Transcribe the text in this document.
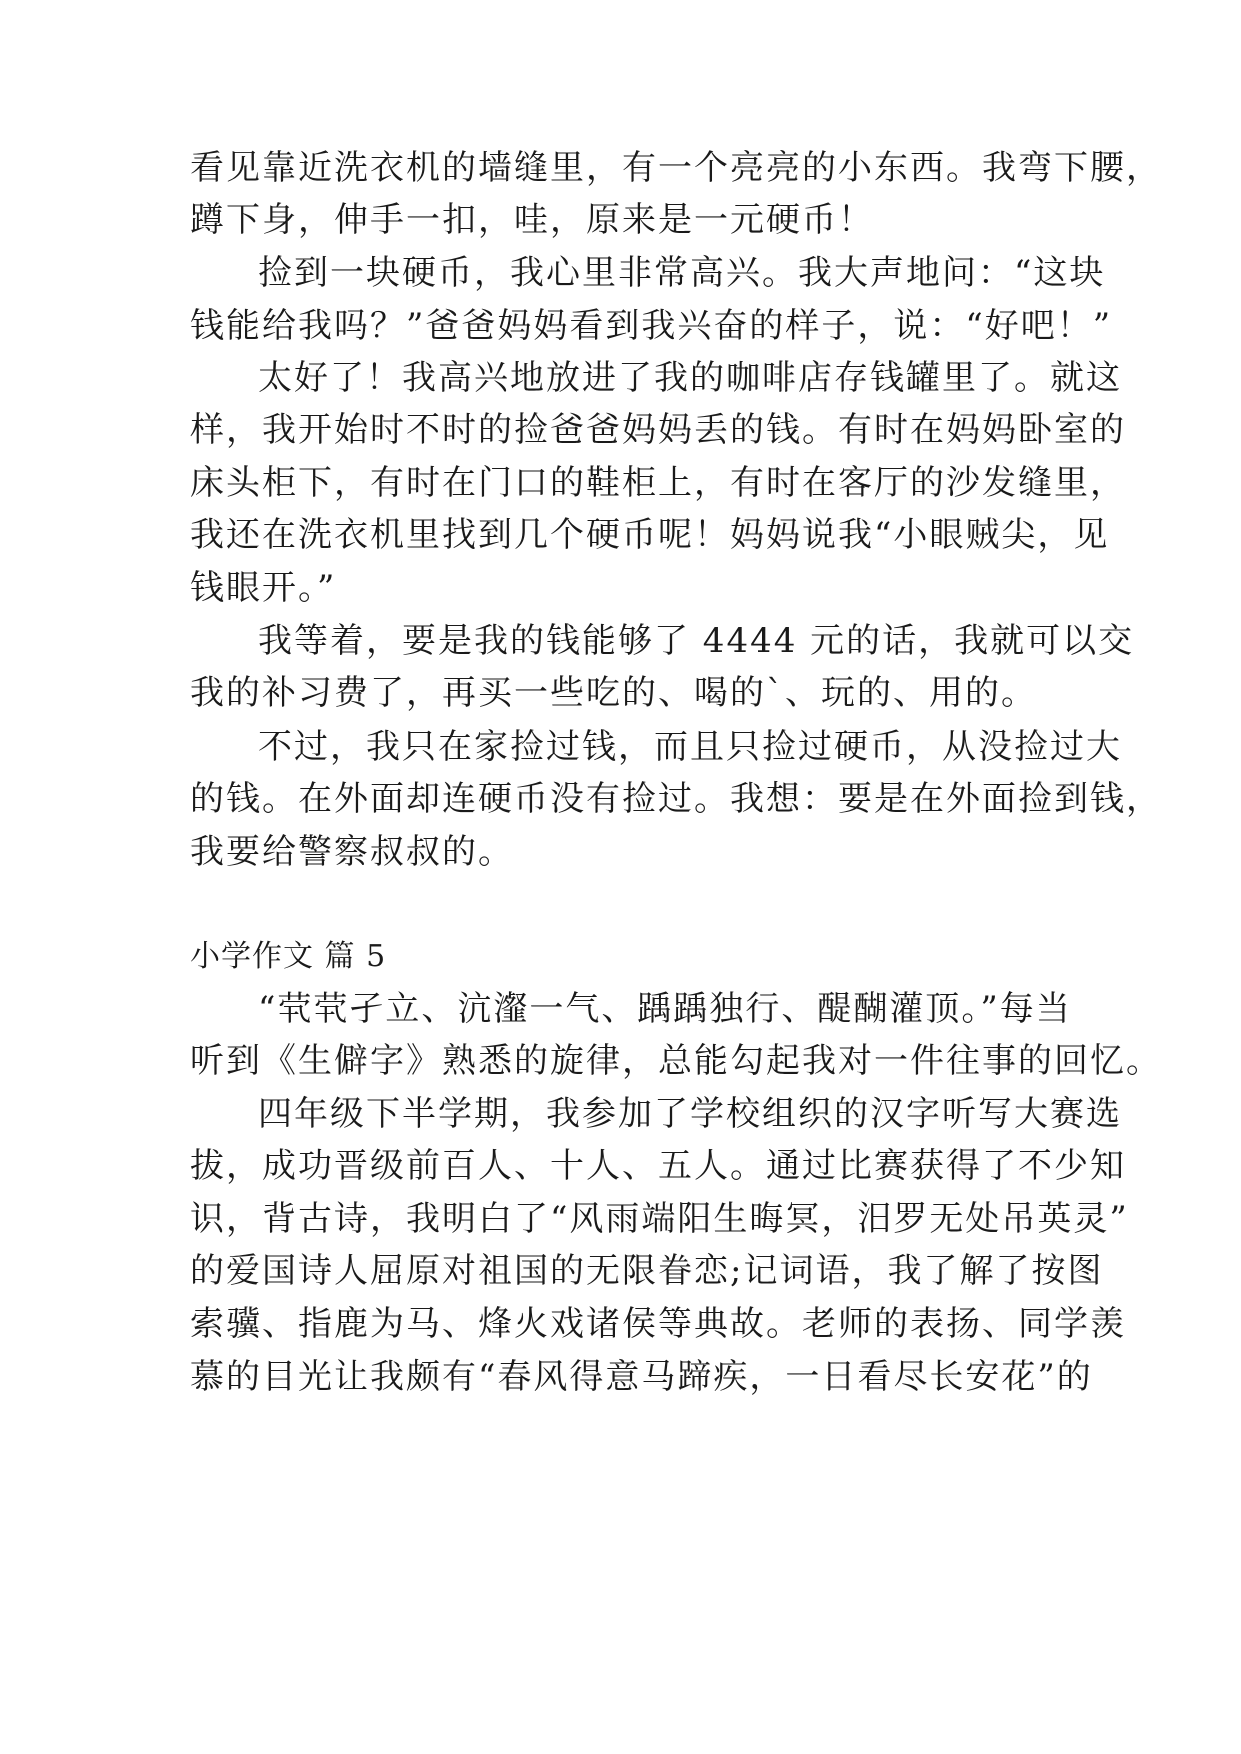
看见靠近洗衣机的墙缝里，有一个亮亮的小东西。我弯下腰，
蹲下身，伸手一扣，哇，原来是一元硬币！
捡到一块硬币，我心里非常高兴。我大声地问：“这块
钱能给我吗？”爸爸妈妈看到我兴奋的样子，说：“好吧！”
太好了！我高兴地放进了我的咖啡店存钱罐里了。就这
样，我开始时不时的捡爸爸妈妈丢的钱。有时在妈妈卧室的
床头柜下，有时在门口的鞋柜上，有时在客厅的沙发缝里，
我还在洗衣机里找到几个硬币呢！妈妈说我“小眼贼尖，见
钱眼开。”
我等着，要是我的钱能够了 4444 元的话，我就可以交
我的补习费了，再买一些吃的、喝的`、玩的、用的。
不过，我只在家捡过钱，而且只捡过硬币，从没捡过大
的钱。在外面却连硬币没有捡过。我想：要是在外面捡到钱，
我要给警察叔叔的。
小学作文 篇 5
“茕茕孑立、沆瀣一气、踽踽独行、醍醐灌顶。”每当
听到《生僻字》熟悉的旋律，总能勾起我对一件往事的回忆。
四年级下半学期，我参加了学校组织的汉字听写大赛选
拔，成功晋级前百人、十人、五人。通过比赛获得了不少知
识，背古诗，我明白了“风雨端阳生晦冥，汨罗无处吊英灵”
的爱国诗人屈原对祖国的无限眷恋;记词语，我了解了按图
索骥、指鹿为马、烽火戏诸侯等典故。老师的表扬、同学羡
慕的目光让我颇有“春风得意马蹄疾，一日看尽长安花”的
